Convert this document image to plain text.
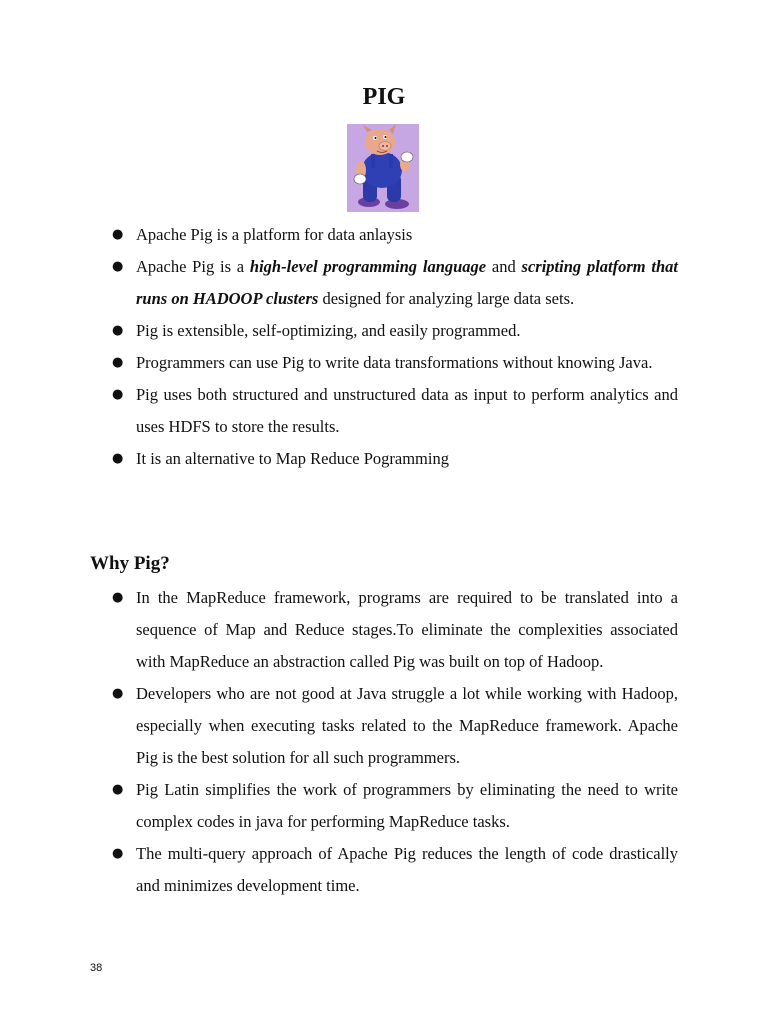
PIG
● Apache Pig is a platform for data anlaysis
● Apache Pig is a high-level programming language and scripting platform that runs on HADOOP clusters designed for analyzing large data sets.
● Pig is extensible, self-optimizing, and easily programmed.
● Programmers can use Pig to write data transformations without knowing Java.
● Pig uses both structured and unstructured data as input to perform analytics and uses HDFS to store the results.
● It is an alternative to Map Reduce Pogramming
Why Pig?
● In the MapReduce framework, programs are required to be translated into a sequence of Map and Reduce stages.To eliminate the complexities associated with MapReduce an abstraction called Pig was built on top of Hadoop.
● Developers who are not good at Java struggle a lot while working with Hadoop, especially when executing tasks related to the MapReduce framework. Apache Pig is the best solution for all such programmers.
● Pig Latin simplifies the work of programmers by eliminating the need to write complex codes in java for performing MapReduce tasks.
● The multi-query approach of Apache Pig reduces the length of code drastically and minimizes development time.
38
